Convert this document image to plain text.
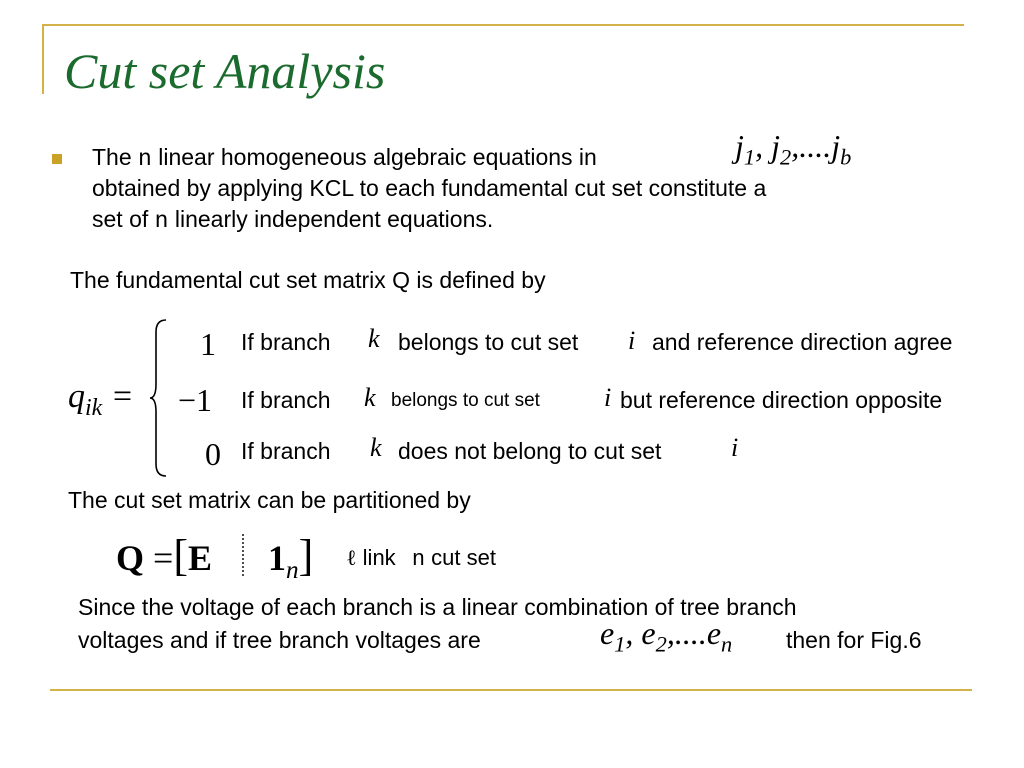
Cut set Analysis
The n linear homogeneous algebraic equations in	$j_1$, $j_2,....j_b$
obtained by applying KCL to each fundamental cut set constitute a
set of n linearly independent equations.
The fundamental cut set matrix Q is defined by
$q_{ik}$ =
1 If branch k belongs to cut set i and reference direction agree
−1 If branch k belongs to cut set i but reference direction opposite
0 If branch k does not belong to cut set	i
The cut set matrix can be partitioned by
Q =[E $1_n$] ℓ link n cut set
Since the voltage of each branch is a linear combination of tree branch
voltages and if tree branch voltages are	$e_1$, $e_2,....e_n$ then for Fig.6
